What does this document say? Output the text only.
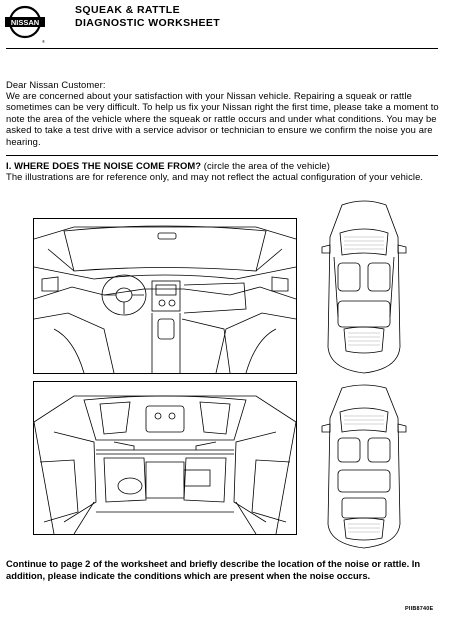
NISSAN
®
SQUEAK & RATTLE
DIAGNOSTIC WORKSHEET
Dear Nissan Customer:
We are concerned about your satisfaction with your Nissan vehicle. Repairing a squeak or rattle sometimes can be very difficult. To help us fix your Nissan right the first time, please take a moment to note the area of the vehicle where the squeak or rattle occurs and under what conditions. You may be asked to take a test drive with a service advisor or technician to ensure we confirm the noise you are hearing.
I. WHERE DOES THE NOISE COME FROM? (circle the area of the vehicle)
The illustrations are for reference only, and may not reflect the actual configuration of your vehicle.
Continue to page 2 of the worksheet and briefly describe the location of the noise or rattle. In addition, please indicate the conditions which are present when the noise occurs.
PIIB8740E
